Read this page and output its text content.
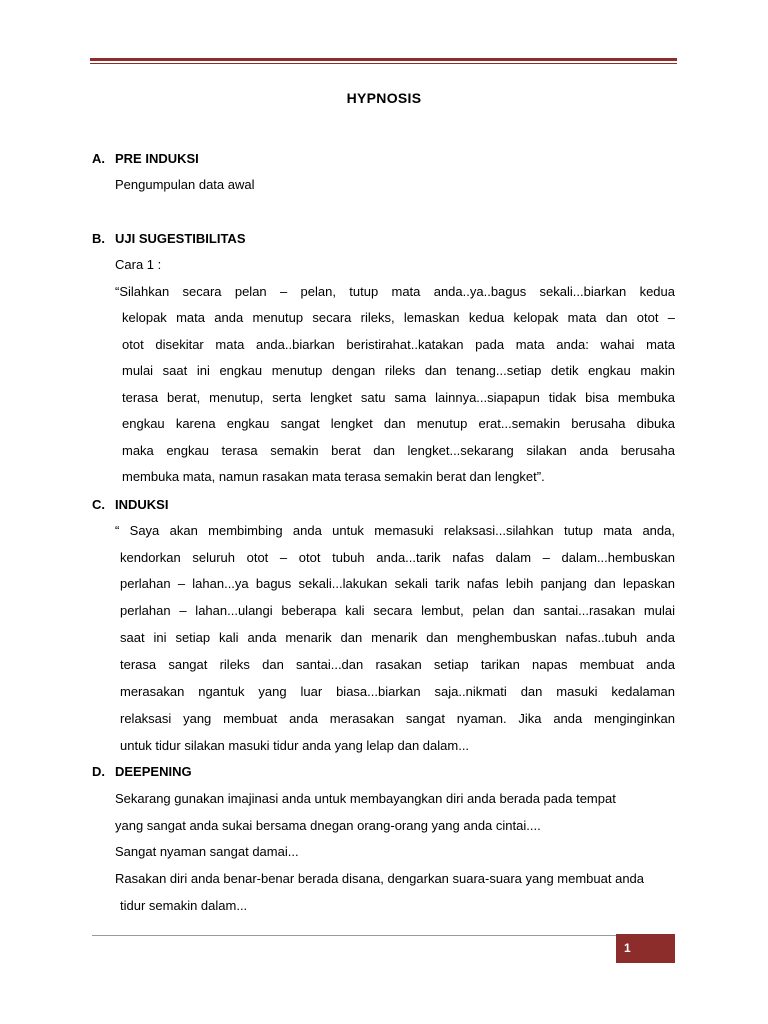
HYPNOSIS
A. PRE INDUKSI
Pengumpulan data awal
B. UJI SUGESTIBILITAS
Cara 1 :
“Silahkan secara pelan – pelan, tutup mata anda..ya..bagus sekali...biarkan kedua
kelopak mata anda menutup secara rileks, lemaskan kedua kelopak mata dan otot –
otot disekitar mata anda..biarkan beristirahat..katakan pada mata anda: wahai mata
mulai saat ini engkau menutup dengan rileks dan tenang...setiap detik engkau makin
terasa berat, menutup, serta lengket satu sama lainnya...siapapun tidak bisa membuka
engkau karena engkau sangat lengket dan menutup erat...semakin berusaha dibuka
maka engkau terasa semakin berat dan lengket...sekarang silakan anda berusaha
membuka mata, namun rasakan mata terasa semakin berat dan lengket”.
C. INDUKSI
“ Saya akan membimbing anda untuk memasuki relaksasi...silahkan tutup mata anda,
kendorkan seluruh otot – otot tubuh anda...tarik nafas dalam – dalam...hembuskan
perlahan – lahan...ya bagus sekali...lakukan sekali tarik nafas lebih panjang dan lepaskan
perlahan – lahan...ulangi beberapa kali secara lembut, pelan dan santai...rasakan mulai
saat ini setiap kali anda menarik dan menarik dan menghembuskan nafas..tubuh anda
terasa sangat rileks dan santai...dan rasakan setiap tarikan napas membuat anda
merasakan ngantuk yang luar biasa...biarkan saja..nikmati dan masuki kedalaman
relaksasi yang membuat anda merasakan sangat nyaman. Jika anda menginginkan
untuk tidur silakan masuki tidur anda yang lelap dan dalam...
D. DEEPENING
Sekarang gunakan imajinasi anda untuk membayangkan diri anda berada pada tempat
yang sangat anda sukai bersama dnegan orang-orang yang anda cintai....
Sangat nyaman sangat damai...
Rasakan diri anda benar-benar berada disana, dengarkan suara-suara yang membuat anda
tidur semakin dalam...
1
